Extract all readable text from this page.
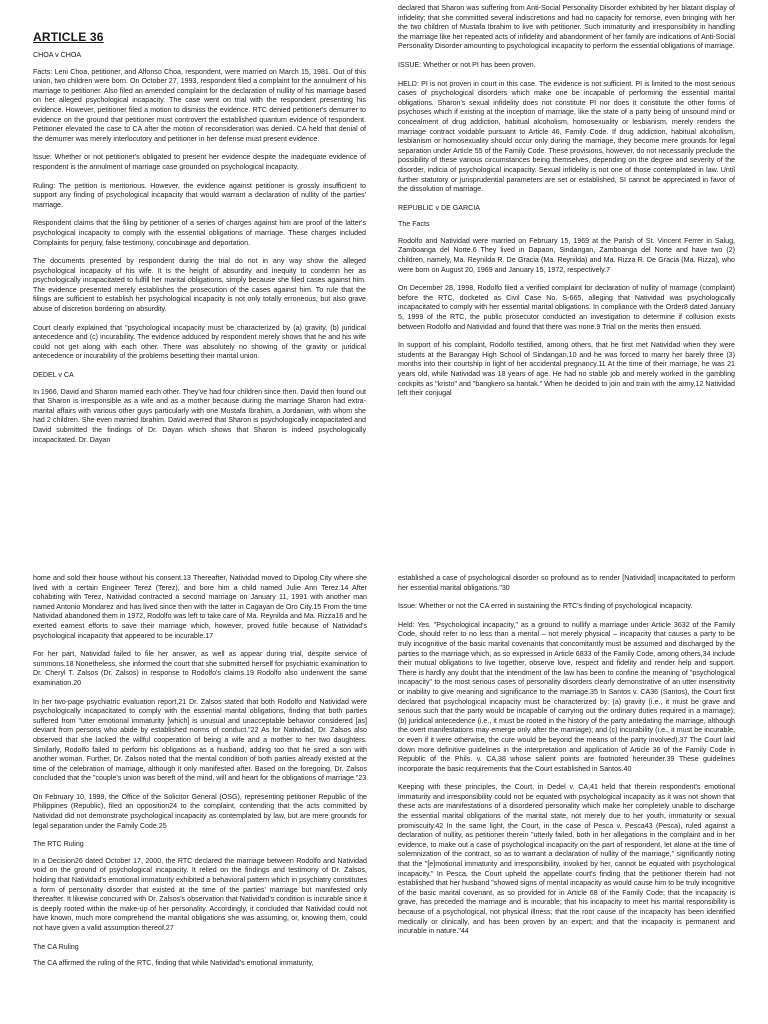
ARTICLE 36

CHOA v CHOA

Facts: Leni Choa, petitioner, and Alfonso Choa, respondent, were married on March 15, 1981. Out of this union, two children were born. On October 27, 1993, respondent filed a complaint for the annulment of his marriage to petitioner. Also filed an amended complaint for the declaration of nullity of his marriage based on her alleged psychological incapacity. The case went on trial with the respondent presenting his evidence. However, petitioner filed a motion to dismiss the evidence. RTC denied petitioner's demurrer to evidence on the ground that petitioner must controvert the established quantum evidence of respondent. Petitioner elevated the case to CA after the motion of reconsideration was denied. CA held that denial of the demurrer was merely interlocutory and petitioner in her defense must present evidence.

Issue: Whether or not petitioner's obligated to present her evidence despite the inadequate evidence of respondent is the annulment of marriage case grounded on psychological incapacity.

Ruling: The petition is meritorious. However, the evidence against petitioner is grossly insufficient to support any finding of psychological incapacity that would warrant a declaration of nullity of the parties' marriage.

Respondent claims that the filing by petitioner of a series of charges against him are proof of the latter's psychological incapacity to comply with the essential obligations of marriage. These charges included Complaints for perjury, false testimony, concubinage and deportation.

The documents presented by respondent during the trial do not in any way show the alleged psychological incapacity of his wife. It is the height of absurdity and inequity to condemn her as psychologically incapacitated to fulfill her marital obligations, simply because she filed cases against him. The evidence presented merely establishes the prosecution of the cases against him. To rule that the filings are sufficient to establish her psychological incapacity is not only totally erroneous, but also grave abuse of discretion bordering on absurdity.

Court clearly explained that "psychological incapacity must be characterized by (a) gravity, (b) juridical antecedence and (c) incurability. The evidence adduced by respondent merely shows that he and his wife could not get along with each other. There was absolutely no showing of the gravity or juridical antecedence or incurability of the problems besetting their marital union.

DEDEL v CA

In 1966, David and Sharon married each other. They've had four children since then. David then found out that Sharon is irresponsible as a wife and as a mother because during the marriage Sharon had extra-marital affairs with various other guys particularly with one Mustafa Ibrahim, a Jordanian, with whom she had 2 children. She even married Ibrahim. David averred that Sharon is psychologically incapacitated and David submitted the findings of Dr. Dayan which shows that Sharon is indeed psychologically incapacitated. Dr. Dayan

declared that Sharon was suffering from Anti-Social Personality Disorder exhibited by her blatant display of infidelity; that she committed several indiscretions and had no capacity for remorse, even bringing with her the two children of Mustafa Ibrahim to live with petitioner. Such immaturity and irresponsibility in handling the marriage like her repeated acts of infidelity and abandonment of her family are indications of Anti-Social Personality Disorder amounting to psychological incapacity to perform the essential obligations of marriage.

ISSUE: Whether or not PI has been proven.

HELD: PI is not proven in court in this case. The evidence is not sufficient. PI is limited to the most serious cases of psychological disorders which make one be incapable of performing the essential marital obligations. Sharon's sexual infidelity does not constitute PI nor does it constitute the other forms of psychoses which if existing at the inception of marriage, like the state of a party being of unsound mind or concealment of drug addiction, habitual alcoholism, homosexuality or lesbianism, merely renders the marriage contract voidable pursuant to Article 46, Family Code. If drug addiction, habitual alcoholism, lesbianism or homosexuality should occur only during the marriage, they become mere grounds for legal separation under Article 55 of the Family Code. These provisions, however, do not necessarily preclude the possibility of these various circumstances being themselves, depending on the degree and severity of the disorder, indicia of psychological incapacity. Sexual infidelity is not one of those contemplated in law. Until further statutory or jurisprudential parameters are set or established, SI cannot be appreciated in favor of the dissolution of marriage.

REPUBLIC v DE GARCIA

The Facts

Rodolfo and Natividad were married on February 15, 1969 at the Parish of St. Vincent Ferrer in Salug, Zamboanga del Norte.6 They lived in Dapaon, Sindangan, Zamboanga del Norte and have two (2) children, namely, Ma. Reynilda R. De Gracia (Ma. Reynilda) and Ma. Rizza R. De Gracia (Ma. Rizza), who were born on August 20, 1969 and January 15, 1972, respectively.7

On December 28, 1998, Rodolfo filed a verified complaint for declaration of nullity of marriage (complaint) before the RTC, docketed as Civil Case No. S-665, alleging that Natividad was psychologically incapacitated to comply with her essential marital obligations. In compliance with the Order8 dated January 5, 1999 of the RTC, the public prosecutor conducted an investigation to determine if collusion exists between Rodolfo and Natividad and found that there was none.9 Trial on the merits then ensued.

In support of his complaint, Rodolfo testified, among others, that he first met Natividad when they were students at the Barangay High School of Sindangan,10 and he was forced to marry her barely three (3) months into their courtship in light of her accidental pregnancy.11 At the time of their marriage, he was 21 years old, while Natividad was 18 years of age. He had no stable job and merely worked in the gambling cockpits as "kristo" and "bangkero sa hantak." When he decided to join and train with the army,12 Natividad left their conjugal

home and sold their house without his consent.13 Thereafter, Natividad moved to Dipolog City where she lived with a certain Engineer Terez (Terez), and bore him a child named Julie Ann Terez.14 After cohabiting with Terez, Natividad contracted a second marriage on January 11, 1991 with another man named Antonio Mondarez and has lived since then with the latter in Cagayan de Oro City.15 From the time Natividad abandoned them in 1972, Rodolfo was left to take care of Ma. Reynilda and Ma. Rizza16 and he exerted earnest efforts to save their marriage which, however, proved futile because of Natividad's psychological incapacity that appeared to be incurable.17

For her part, Natividad failed to file her answer, as well as appear during trial, despite service of summons.18 Nonetheless, she informed the court that she submitted herself for psychiatric examination to Dr. Cheryl T. Zalsos (Dr. Zalsos) in response to Rodolfo's claims.19 Rodolfo also underwent the same examination.20

In her two-page psychiatric evaluation report,21 Dr. Zalsos stated that both Rodolfo and Natividad were psychologically incapacitated to comply with the essential marital obligations, finding that both parties suffered from "utter emotional immaturity [which] is unusual and unacceptable behavior considered [as] deviant from persons who abide by established norms of conduct."22 As for Natividad, Dr. Zalsos also observed that she lacked the willful cooperation of being a wife and a mother to her two daughters. Similarly, Rodolfo failed to perform his obligations as a husband, adding too that he sired a son with another woman. Further, Dr. Zalsos noted that the mental condition of both parties already existed at the time of the celebration of marriage, although it only manifested after. Based on the foregoing, Dr. Zalsos concluded that the "couple's union was bereft of the mind, will and heart for the obligations of marriage."23

On February 10, 1999, the Office of the Solicitor General (OSG), representing petitioner Republic of the Philippines (Republic), filed an opposition24 to the complaint, contending that the acts committed by Natividad did not demonstrate psychological incapacity as contemplated by law, but are mere grounds for legal separation under the Family Code.25

The RTC Ruling

In a Decision26 dated October 17, 2000, the RTC declared the marriage between Rodolfo and Natividad void on the ground of psychological incapacity. It relied on the findings and testimony of Dr. Zalsos, holding that Natividad's emotional immaturity exhibited a behavioral pattern which in psychiatry constitutes a form of personality disorder that existed at the time of the parties' marriage but manifested only thereafter. It likewise concurred with Dr. Zalsos's observation that Natividad's condition is incurable since it is deeply rooted within the make-up of her personality. Accordingly, it concluded that Natividad could not have known, much more comprehend the marital obligations she was assuming, or, knowing them, could not have given a valid assumption thereof.27

The CA Ruling

The CA affirmed the ruling of the RTC, finding that while Natividad's emotional immaturity,

established a case of psychological disorder so profound as to render [Natividad] incapacitated to perform her essential marital obligations."30

Issue: Whether or not the CA erred in sustaining the RTC's finding of psychological incapacity.

Held: Yes. "Psychological incapacity," as a ground to nullify a marriage under Article 3632 of the Family Code, should refer to no less than a mental – not merely physical – incapacity that causes a party to be truly incognitive of the basic marital covenants that concomitantly must be assumed and discharged by the parties to the marriage which, as so expressed in Article 6833 of the Family Code, among others,34 include their mutual obligations to live together, observe love, respect and fidelity and render help and support. There is hardly any doubt that the intendment of the law has been to confine the meaning of "psychological incapacity" to the most serious cases of personality disorders clearly demonstrative of an utter insensitivity or inability to give meaning and significance to the marriage.35 In Santos v. CA36 (Santos), the Court first declared that psychological incapacity must be characterized by: (a) gravity (i.e., it must be grave and serious such that the party would be incapable of carrying out the ordinary duties required in a marriage); (b) juridical antecedence (i.e., it must be rooted in the history of the party antedating the marriage, although the overt manifestations may emerge only after the marriage); and (c) incurability (i.e., it must be incurable, or even if it were otherwise, the cure would be beyond the means of the party involved).37 The Court laid down more definitive guidelines in the interpretation and application of Article 36 of the Family Code in Republic of the Phils. v. CA,38 whose salient points are footnoted hereunder.39 These guidelines incorporate the basic requirements that the Court established in Santos.40

Keeping with these principles, the Court, in Dedel v. CA,41 held that therein respondent's emotional immaturity and irresponsibility could not be equated with psychological incapacity as it was not shown that these acts are manifestations of a disordered personality which make her completely unable to discharge the essential marital obligations of the marital state, not merely due to her youth, immaturity or sexual promiscuity.42 In the same light, the Court, in the case of Pesca v. Pesca43 (Pesca), ruled against a declaration of nullity, as petitioner therein "utterly failed, both in her allegations in the complaint and in her evidence, to make out a case of psychological incapacity on the part of respondent, let alone at the time of solemnization of the contract, so as to warrant a declaration of nullity of the marriage," significantly noting that the "[e]motional immaturity and irresponsibility, invoked by her, cannot be equated with psychological incapacity." In Pesca, the Court upheld the appellate court's finding that the petitioner therein had not established that her husband "showed signs of mental incapacity as would cause him to be truly incognitive of the basic marital covenant, as so provided for in Article 68 of the Family Code; that the incapacity is grave, has preceded the marriage and is incurable; that his incapacity to meet his marital responsibility is because of a psychological, not physical illness; that the root cause of the incapacity has been identified medically or clinically, and has been proven by an expert; and that the incapacity is permanent and incurable in nature."44
